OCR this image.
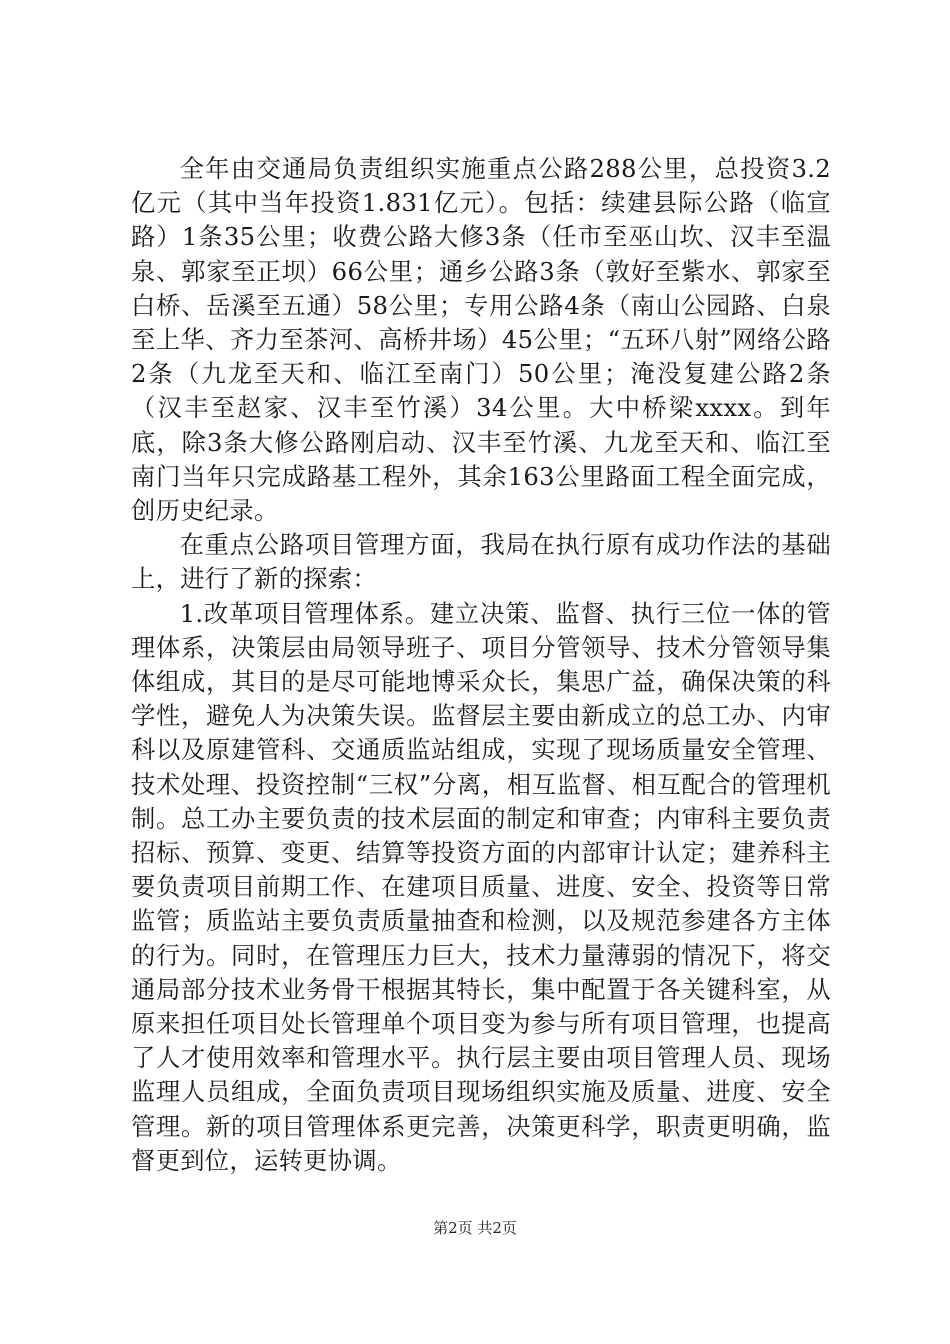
全年由交通局负责组织实施重点公路288公里，总投资3.2亿元（其中当年投资1.831亿元）。包括：续建县际公路（临宣路）1条35公里；收费公路大修3条（任市至巫山坎、汉丰至温泉、郭家至正坝）66公里；通乡公路3条（敦好至紫水、郭家至白桥、岳溪至五通）58公里；专用公路4条（南山公园路、白泉至上华、齐力至茶河、高桥井场）45公里；“五环八射”网络公路2条（九龙至天和、临江至南门）50公里；淹没复建公路2条（汉丰至赵家、汉丰至竹溪）34公里。大中桥梁xxxx。到年底，除3条大修公路刚启动、汉丰至竹溪、九龙至天和、临江至南门当年只完成路基工程外，其余163公里路面工程全面完成，创历史纪录。

在重点公路项目管理方面，我局在执行原有成功作法的基础上，进行了新的探索：

1.改革项目管理体系。建立决策、监督、执行三位一体的管理体系，决策层由局领导班子、项目分管领导、技术分管领导集体组成，其目的是尽可能地博采众长，集思广益，确保决策的科学性，避免人为决策失误。监督层主要由新成立的总工办、内审科以及原建管科、交通质监站组成，实现了现场质量安全管理、技术处理、投资控制“三权”分离，相互监督、相互配合的管理机制。总工办主要负责的技术层面的制定和审查；内审科主要负责招标、预算、变更、结算等投资方面的内部审计认定；建养科主要负责项目前期工作、在建项目质量、进度、安全、投资等日常监管；质监站主要负责质量抽查和检测，以及规范参建各方主体的行为。同时，在管理压力巨大，技术力量薄弱的情况下，将交通局部分技术业务骨干根据其特长，集中配置于各关键科室，从原来担任项目处长管理单个项目变为参与所有项目管理，也提高了人才使用效率和管理水平。执行层主要由项目管理人员、现场监理人员组成，全面负责项目现场组织实施及质量、进度、安全管理。新的项目管理体系更完善，决策更科学，职责更明确，监督更到位，运转更协调。

第2页 共2页
